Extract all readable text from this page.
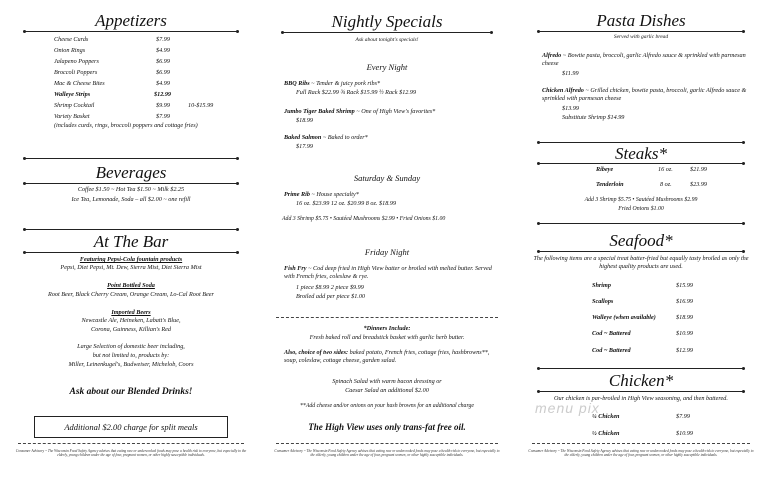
Appetizers
Cheese Curds	$7.99
Onion Rings	$4.99
Jalapeno Poppers	$6.99
Broccoli Poppers	$6.99
Mac & Cheese Bites	$4.99
Walleye Strips	$12.99
Shrimp Cocktail	$9.99	10-$15.99
Variety Basket	$7.99
(includes curds, rings, broccoli poppers and cottage fries)
Beverages
Coffee $1.50 ~ Hot Tea $1.50 ~ Milk $2.25
Ice Tea, Lemonade, Soda – all $2.00 ~ one refill
At The Bar
Featuring Pepsi-Cola fountain products
Pepsi, Diet Pepsi, Mt. Dew, Sierra Mist, Diet Sierra Mist
Point Bottled Soda
Root Beer, Black Cherry Cream, Orange Cream, Lo-Cal Root Beer
Imported Beers
Newcastle Ale, Heineken, Labatt's Blue,
Corona, Guinness, Killian's Red
Large Selection of domestic beer including,
but not limited to, products by:
Miller, Leinenkugel's, Budweiser, Michelob, Coors
Ask about our Blended Drinks!
Additional $2.00 charge for split meals
Consumer Advisory ~ The Wisconsin Food Safety Agency advises that eating raw or undercooked foods may pose a health risk to everyone, but especially to the elderly, young children under the age of four, pregnant women, or other highly susceptible individuals.
Nightly Specials
Ask about tonight's specials!
Every Night
BBQ Ribs ~ Tender & juicy pork ribs*
Full Rack $22.99 ¾ Rack $15.99 ½ Rack $12.99
Jumbo Tiger Baked Shrimp ~ One of High View's favorites*
$18.99
Baked Salmon ~ Baked to order*
$17.99
Saturday & Sunday
Prime Rib ~ House specialty*
16 oz. $23.99 12 oz. $20.99 8 oz. $18.99
Add 3 Shrimp $5.75 • Sautéed Mushrooms $2.99 • Fried Onions $1.00
Friday Night
Fish Fry ~ Cod deep fried in High View batter or broiled with melted butter. Served with French fries, coleslaw & rye.
1 piece $8.99 2 piece $9.99
Broiled add per piece $1.00
*Dinners Include:
Fresh baked roll and breadstick basket with garlic herb butter.
Also, choice of two sides: baked potato, French fries, cottage fries, hashbrowns**, soup, coleslaw, cottage cheese, garden salad.
Spinach Salad with warm bacon dressing or
Caesar Salad an additional $2.00
**Add cheese and/or onions on your hash browns for an additional charge
The High View uses only trans-fat free oil.
Consumer Advisory ~ The Wisconsin Food Safety Agency advises that eating raw or undercooked foods may pose a health risk to everyone, but especially to the elderly, young children under the age of four, pregnant women, or other highly susceptible individuals.
Pasta Dishes
Served with garlic bread
Alfredo ~ Bowtie pasta, broccoli, garlic Alfredo sauce & sprinkled with parmesan cheese
$11.99
Chicken Alfredo ~ Grilled chicken, bowtie pasta, broccoli, garlic Alfredo sauce & sprinkled with parmesan cheese
$13.99
Substitute Shrimp $14.99
Steaks*
Ribeye	16 oz.	$21.99
Tenderloin	8 oz.	$23.99
Add 3 Shrimp $5.75 • Sautéed Mushrooms $2.99
Fried Onions $1.00
Seafood*
The following items are a special treat batter-fried but equally tasty broiled as only the highest quality products are used.
Shrimp	$15.99
Scallops	$16.99
Walleye (when available)	$18.99
Cod ~ Battered	$10.99
Cod ~ Battered	$12.99
Chicken*
Our chicken is par-broiled in High View seasoning, and then battered.
¼ Chicken	$7.99
½ Chicken	$10.99
Consumer Advisory ~ The Wisconsin Food Safety Agency advises that eating raw or undercooked foods may pose a health risk to everyone, but especially to the elderly, young children under the age of four, pregnant women, or other highly susceptible individuals.
menu pix
